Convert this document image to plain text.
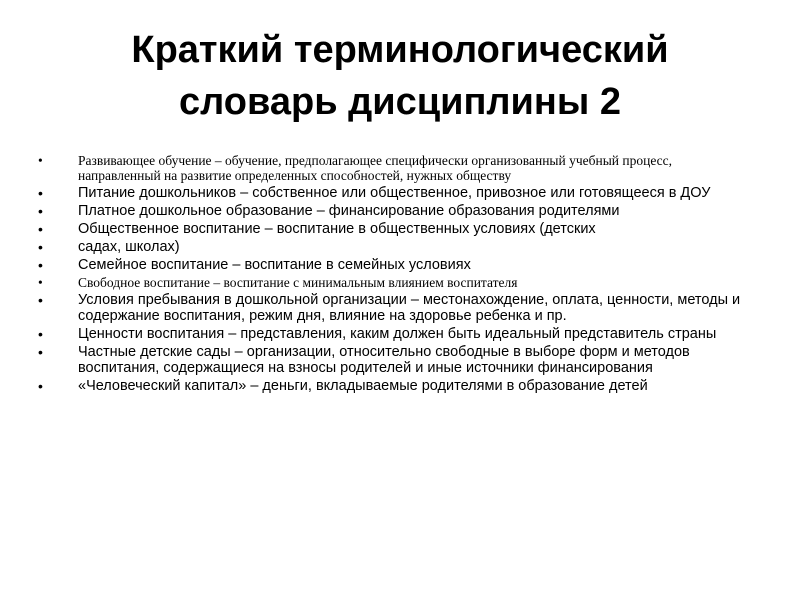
Краткий терминологический
словарь дисциплины 2
•	Развивающее обучение – обучение, предполагающее специфически организованный учебный процесс, направленный на развитие определенных способностей, нужных обществу
•	Питание дошкольников – собственное или общественное, привозное или готовящееся в ДОУ
•	Платное дошкольное образование – финансирование образования родителями
•	Общественное воспитание – воспитание в общественных условиях (детских
•	садах, школах)
•	Семейное воспитание – воспитание в семейных условиях
•	Свободное воспитание – воспитание с минимальным влиянием воспитателя
•	Условия пребывания в дошкольной организации – местонахождение, оплата, ценности, методы и содержание воспитания, режим дня, влияние на здоровье ребенка и пр.
•	Ценности воспитания – представления, каким должен быть идеальный представитель страны
•	Частные детские сады – организации, относительно свободные в выборе форм и методов воспитания, содержащиеся на взносы родителей и иные источники финансирования
•	«Человеческий капитал» – деньги, вкладываемые родителями в образование детей
